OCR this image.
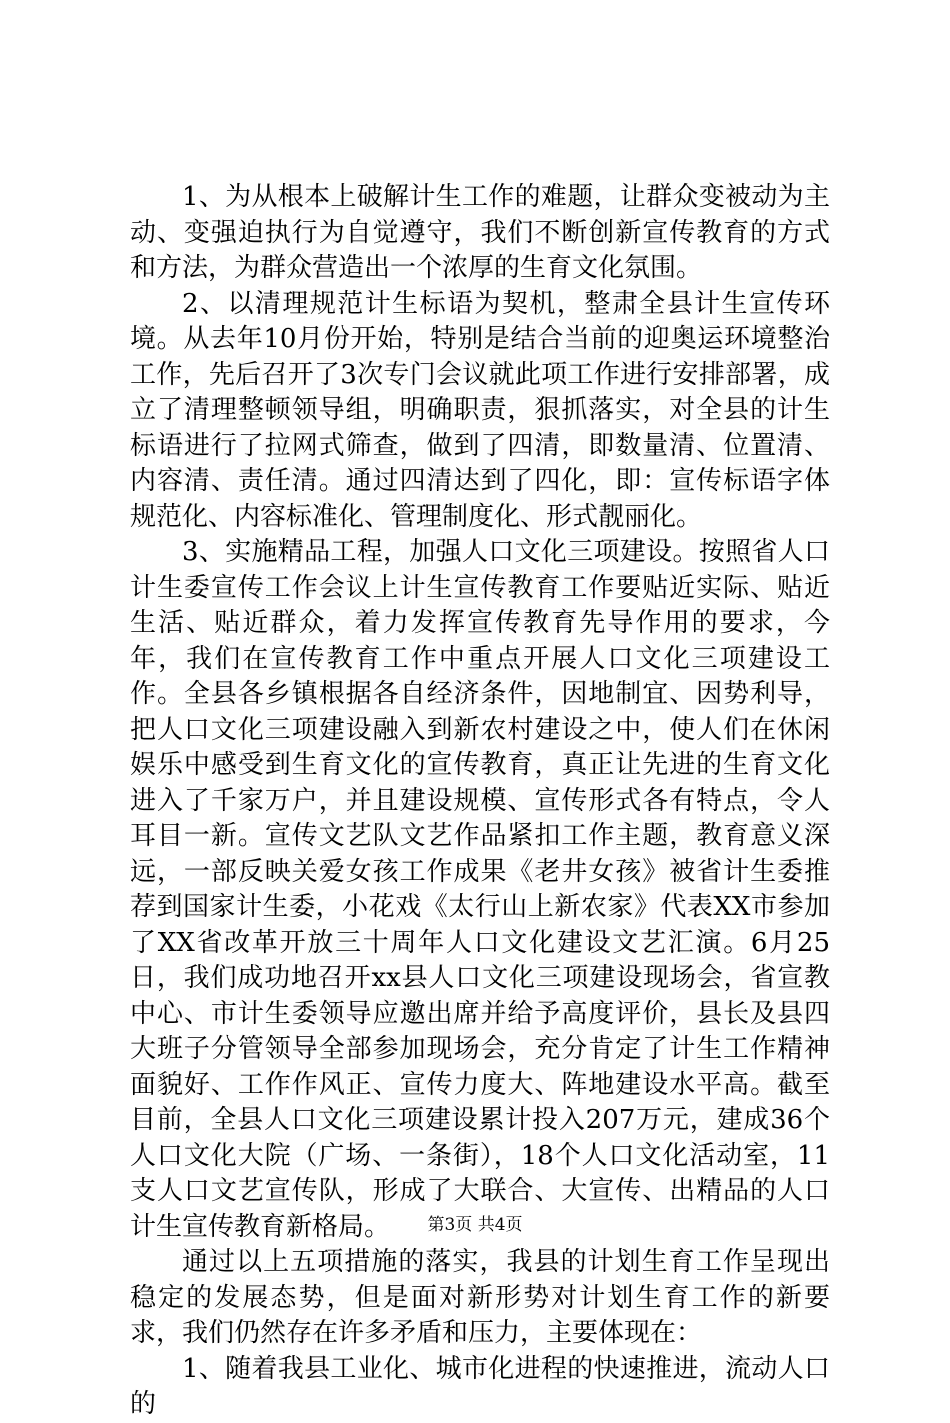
1、为从根本上破解计生工作的难题，让群众变被动为主动、变强迫执行为自觉遵守，我们不断创新宣传教育的方式和方法，为群众营造出一个浓厚的生育文化氛围。

2、以清理规范计生标语为契机，整肃全县计生宣传环境。从去年10月份开始，特别是结合当前的迎奥运环境整治工作，先后召开了3次专门会议就此项工作进行安排部署，成立了清理整顿领导组，明确职责，狠抓落实，对全县的计生标语进行了拉网式筛查，做到了四清，即数量清、位置清、内容清、责任清。通过四清达到了四化，即：宣传标语字体规范化、内容标准化、管理制度化、形式靓丽化。

3、实施精品工程，加强人口文化三项建设。按照省人口计生委宣传工作会议上计生宣传教育工作要贴近实际、贴近生活、贴近群众，着力发挥宣传教育先导作用的要求，今年，我们在宣传教育工作中重点开展人口文化三项建设工作。全县各乡镇根据各自经济条件，因地制宜、因势利导，把人口文化三项建设融入到新农村建设之中，使人们在休闲娱乐中感受到生育文化的宣传教育，真正让先进的生育文化进入了千家万户，并且建设规模、宣传形式各有特点，令人耳目一新。宣传文艺队文艺作品紧扣工作主题，教育意义深远，一部反映关爱女孩工作成果《老井女孩》被省计生委推荐到国家计生委，小花戏《太行山上新农家》代表XX市参加了XX省改革开放三十周年人口文化建设文艺汇演。6月25日，我们成功地召开xx县人口文化三项建设现场会，省宣教中心、市计生委领导应邀出席并给予高度评价，县长及县四大班子分管领导全部参加现场会，充分肯定了计生工作精神面貌好、工作作风正、宣传力度大、阵地建设水平高。截至目前，全县人口文化三项建设累计投入207万元，建成36个人口文化大院（广场、一条街），18个人口文化活动室，11支人口文艺宣传队，形成了大联合、大宣传、出精品的人口计生宣传教育新格局。

通过以上五项措施的落实，我县的计划生育工作呈现出稳定的发展态势，但是面对新形势对计划生育工作的新要求，我们仍然存在许多矛盾和压力，主要体现在：

1、随着我县工业化、城市化进程的快速推进，流动人口的

第3页 共4页
